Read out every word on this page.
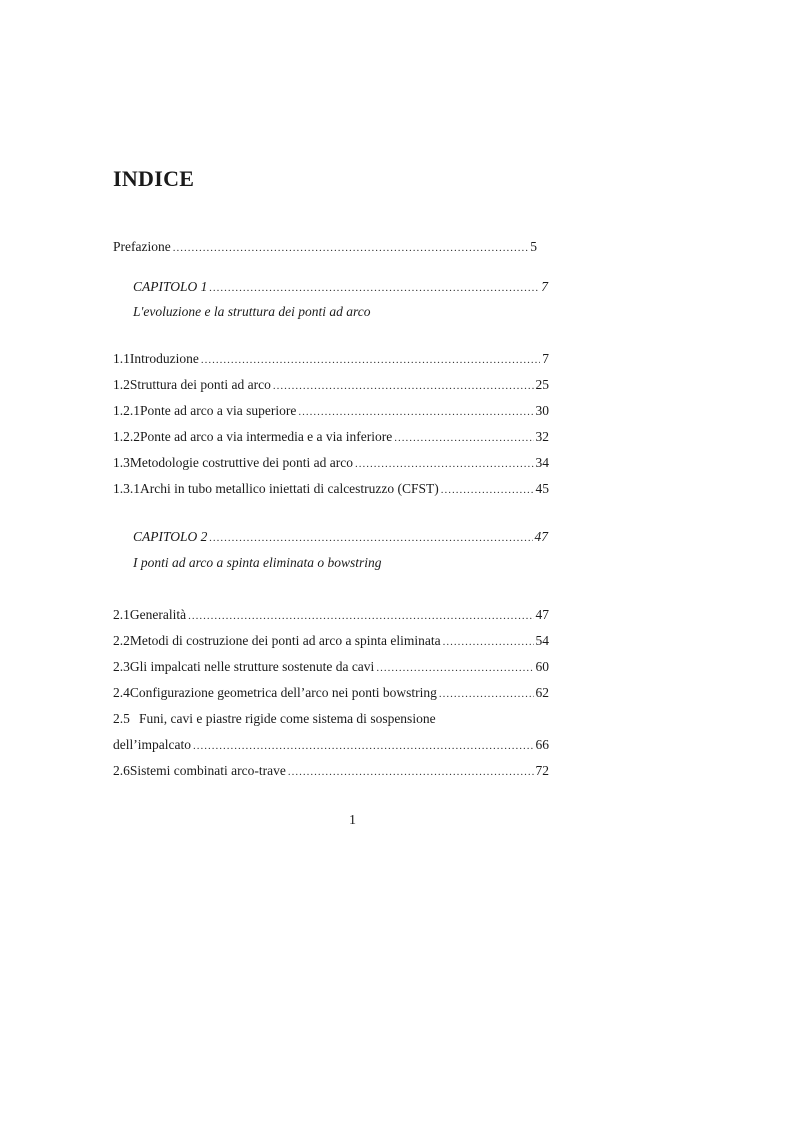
INDICE
Prefazione .....	5
CAPITOLO 1 .....	7
L'evoluzione e la struttura dei ponti ad arco
1.1 Introduzione .....	7
1.2 Struttura dei ponti ad arco .....	25
1.2.1 Ponte ad arco a via superiore .....	30
1.2.2 Ponte ad arco a via intermedia e a via inferiore .....	32
1.3 Metodologie costruttive dei ponti ad arco .....	34
1.3.1 Archi in tubo metallico iniettati di calcestruzzo (CFST) .....	45
CAPITOLO 2 .....	47
I ponti ad arco a spinta eliminata o bowstring
2.1 Generalità .....	47
2.2 Metodi di costruzione dei ponti ad arco a spinta eliminata .....	54
2.3 Gli impalcati nelle strutture sostenute da cavi .....	60
2.4 Configurazione geometrica dell’arco nei ponti bowstring .....	62
2.5 Funi, cavi e piastre rigide come sistema di sospensione
dell’impalcato .....	66
2.6 Sistemi combinati arco-trave .....	72
1
